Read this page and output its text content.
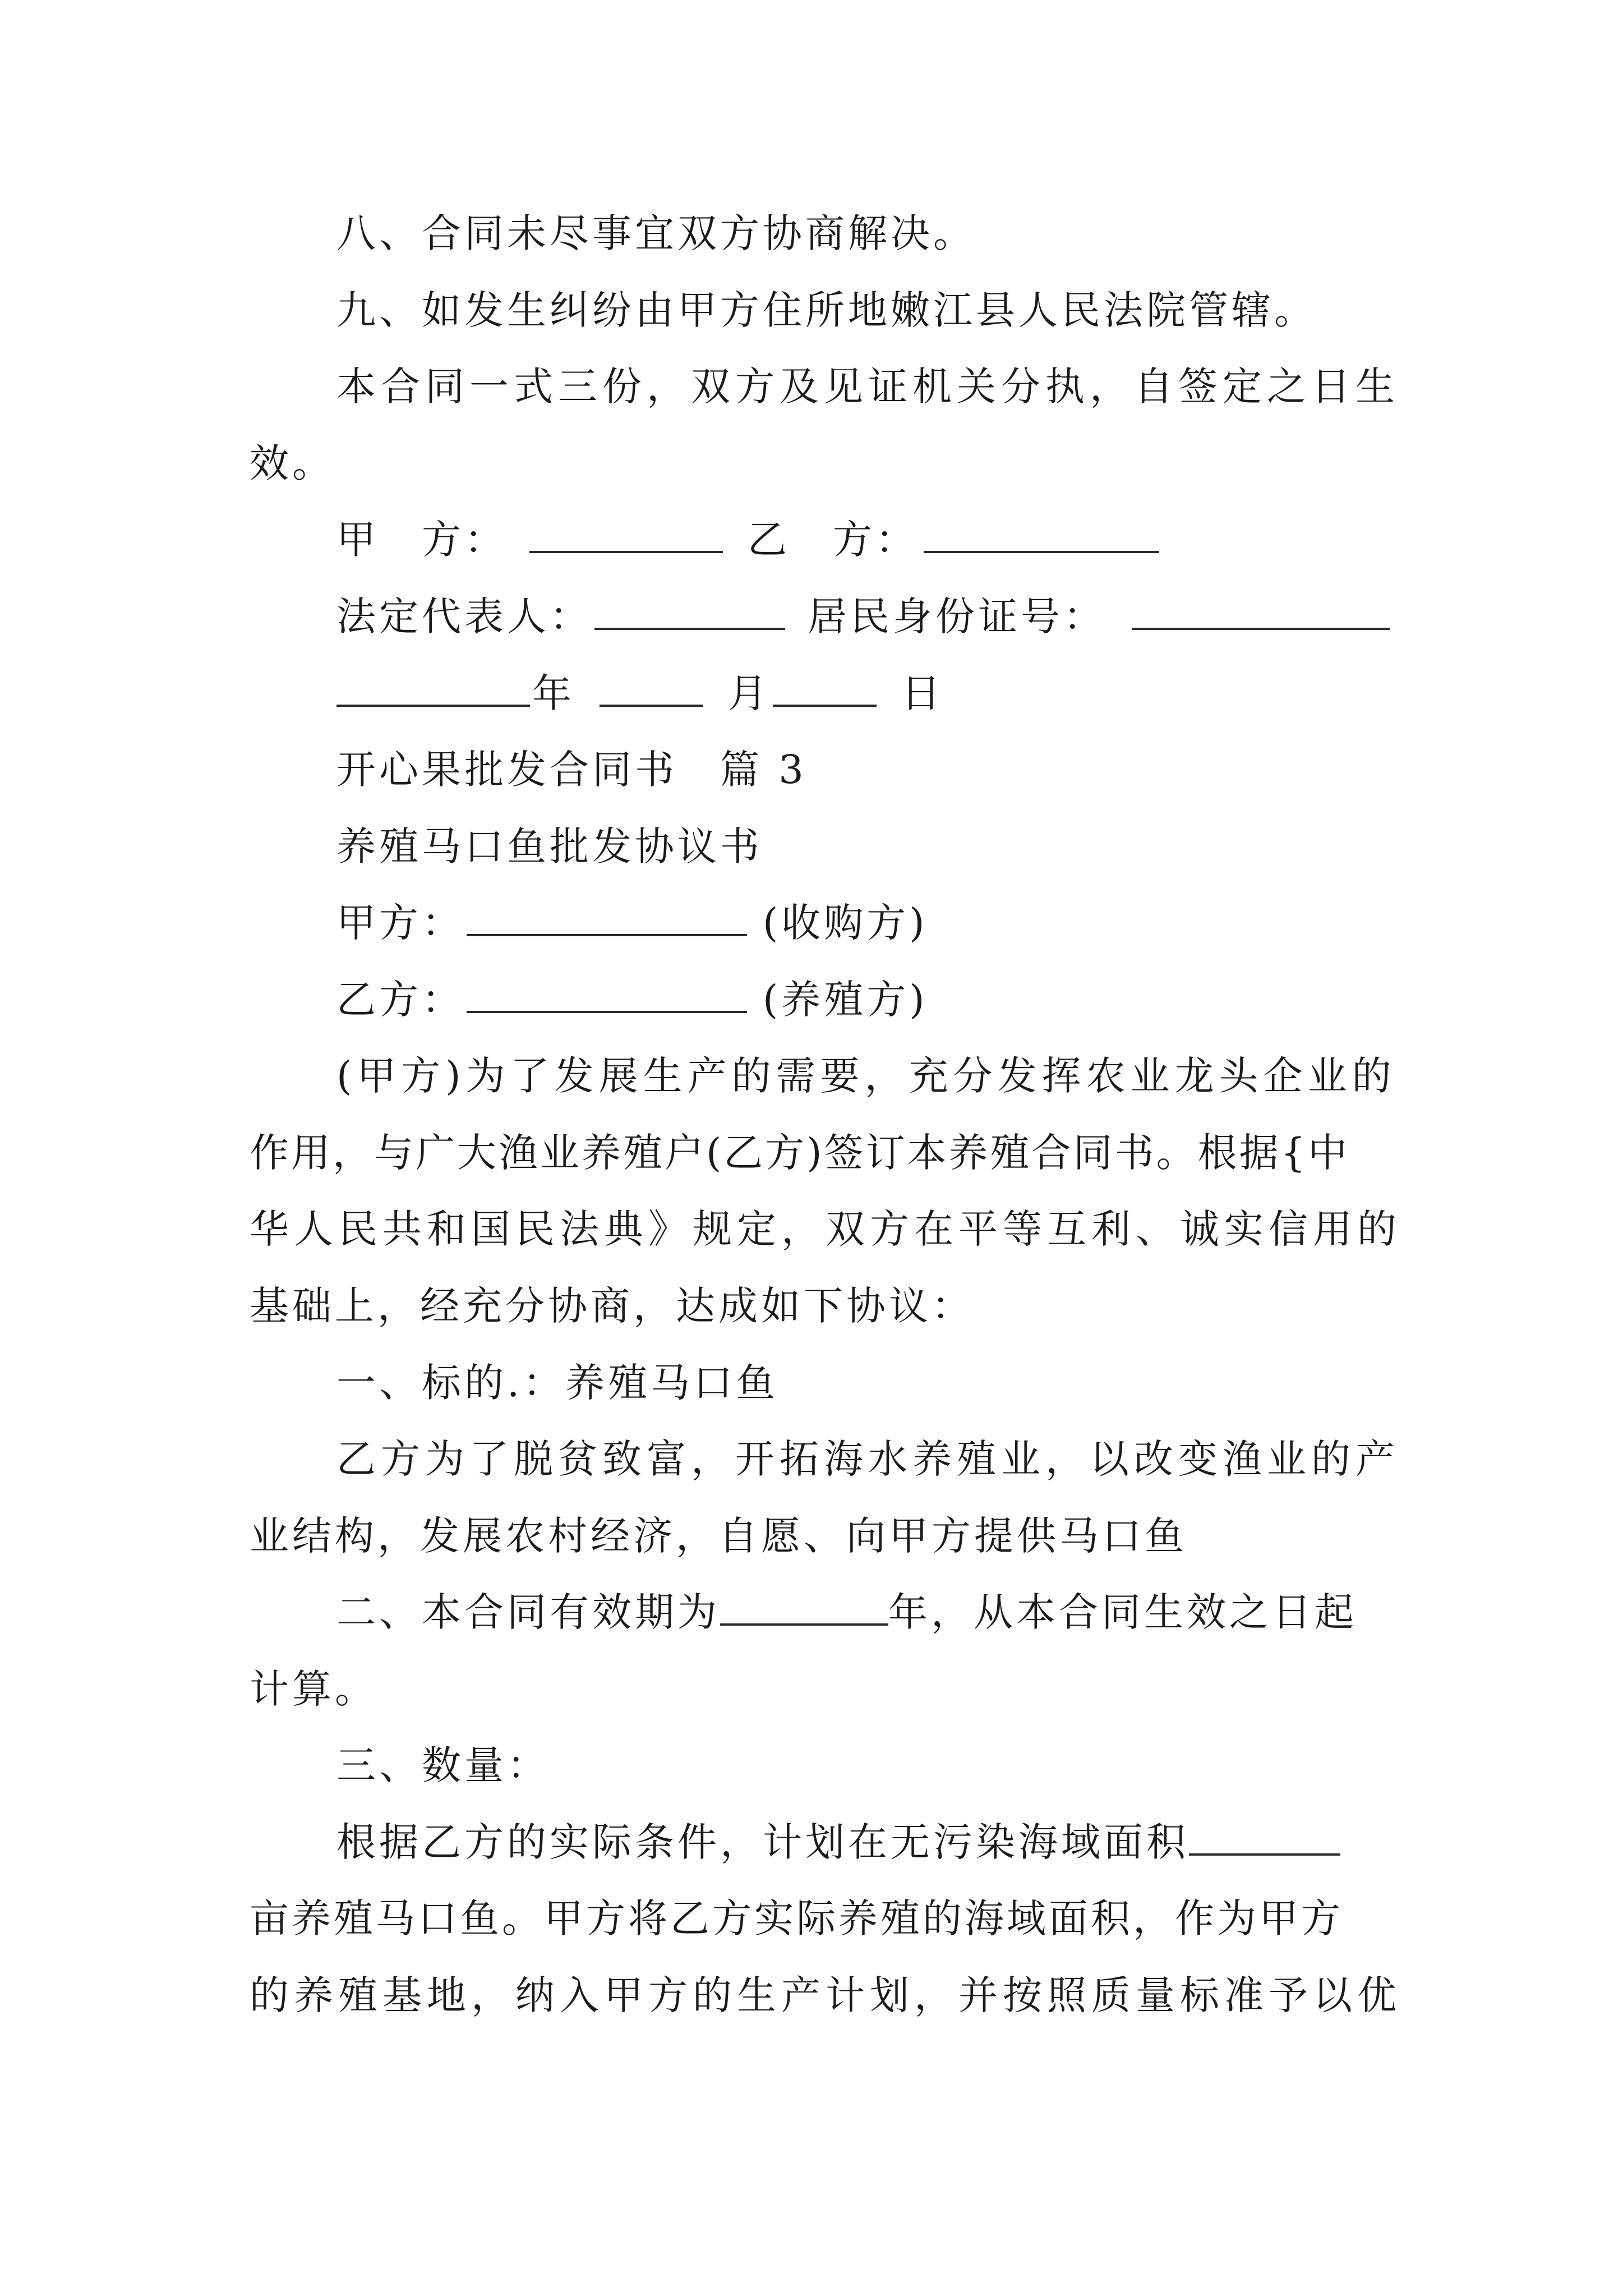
八、合同未尽事宜双方协商解决。
九、如发生纠纷由甲方住所地嫩江县人民法院管辖。
本合同一式三份，双方及见证机关分执，自签定之日生
效。
甲　方：	乙　方：
法定代表人：	居民身份证号：
年	月	日
开心果批发合同书　篇 3
养殖马口鱼批发协议书
甲方：	(收购方)
乙方：	(养殖方)
(甲方)为了发展生产的需要，充分发挥农业龙头企业的
作用，与广大渔业养殖户(乙方)签订本养殖合同书。根据{中
华人民共和国民法典》规定，双方在平等互利、诚实信用的
基础上，经充分协商，达成如下协议：
一、标的.：养殖马口鱼
乙方为了脱贫致富，开拓海水养殖业，以改变渔业的产
业结构，发展农村经济，自愿、向甲方提供马口鱼
二、本合同有效期为	年，从本合同生效之日起
计算。
三、数量：
根据乙方的实际条件，计划在无污染海域面积
亩养殖马口鱼。甲方将乙方实际养殖的海域面积，作为甲方
的养殖基地，纳入甲方的生产计划，并按照质量标准予以优
